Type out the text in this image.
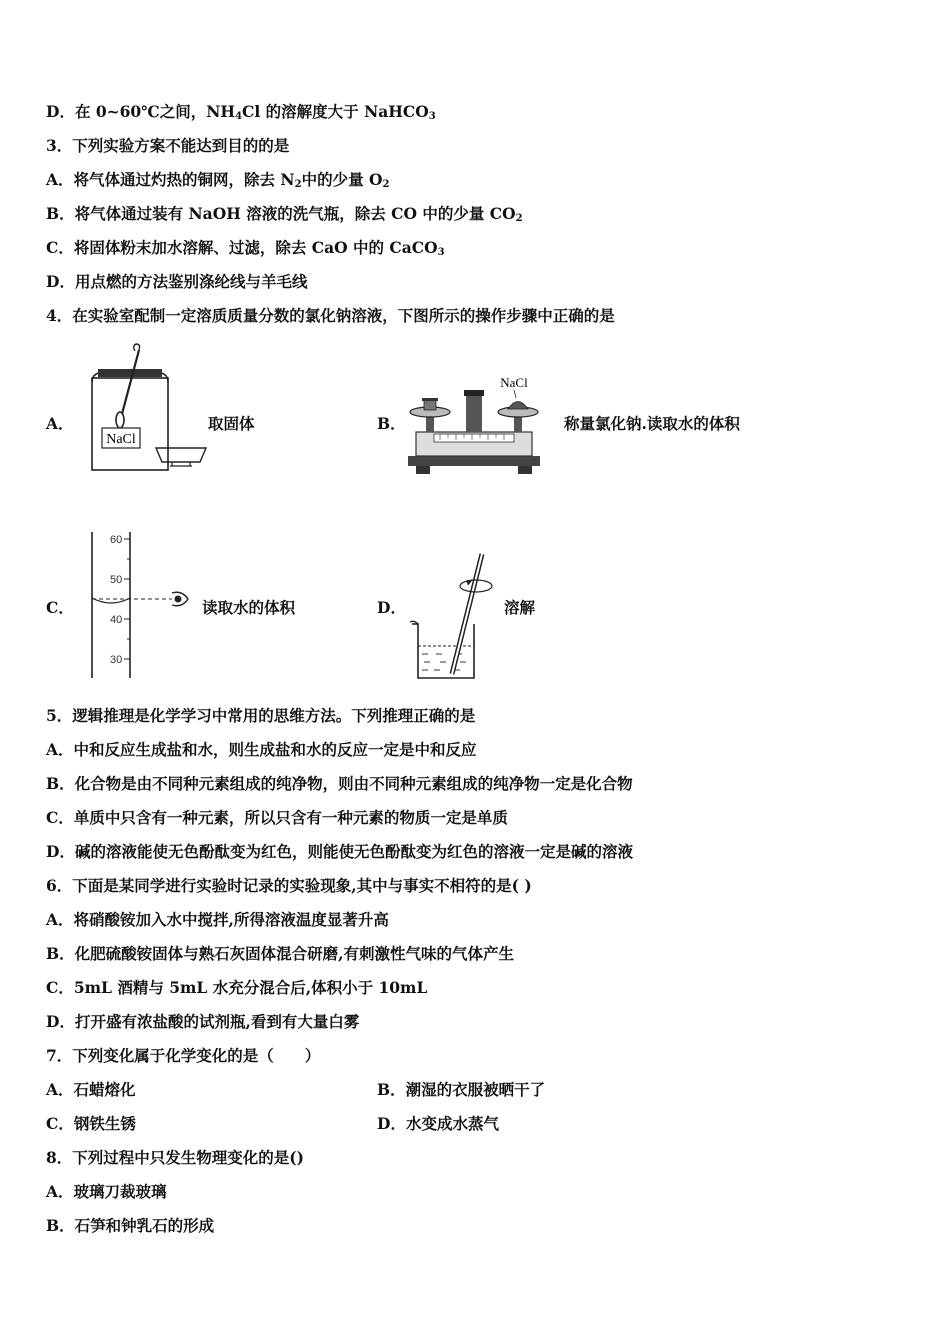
D．在 0~60℃之间，$NH_4Cl$ 的溶解度大于 NaHCO$_3$
3．下列实验方案不能达到目的的是
A．将气体通过灼热的铜网，除去 $N_2$中的少量 $O_2$
B．将气体通过装有 NaOH 溶液的洗气瓶，除去 CO 中的少量 $CO_2$
C．将固体粉末加水溶解、过滤，除去 CaO 中的 CaCO$_3$
D．用点燃的方法鉴别涤纶线与羊毛线
4．在实验室配制一定溶质质量分数的氯化钠溶液，下图所示的操作步骤中正确的是
A．
NaCl
取固体	B．
NaCl
称量氯化钠.读取水的体积
C．
60
50
40
30
读取水的体积	D．	溶解
5．逻辑推理是化学学习中常用的思维方法。下列推理正确的是
A．中和反应生成盐和水，则生成盐和水的反应一定是中和反应
B．化合物是由不同种元素组成的纯净物，则由不同种元素组成的纯净物一定是化合物
C．单质中只含有一种元素，所以只含有一种元素的物质一定是单质
D．碱的溶液能使无色酚酞变为红色，则能使无色酚酞变为红色的溶液一定是碱的溶液
6．下面是某同学进行实验时记录的实验现象,其中与事实不相符的是( )
A．将硝酸铵加入水中搅拌,所得溶液温度显著升高
B．化肥硫酸铵固体与熟石灰固体混合研磨,有刺激性气味的气体产生
C．5mL 酒精与 5mL 水充分混合后,体积小于 10mL
D．打开盛有浓盐酸的试剂瓶,看到有大量白雾
7．下列变化属于化学变化的是（　　）
A．石蜡熔化	B．潮湿的衣服被晒干了
C．钢铁生锈	D．水变成水蒸气
8．下列过程中只发生物理变化的是()
A．玻璃刀裁玻璃
B．石笋和钟乳石的形成
